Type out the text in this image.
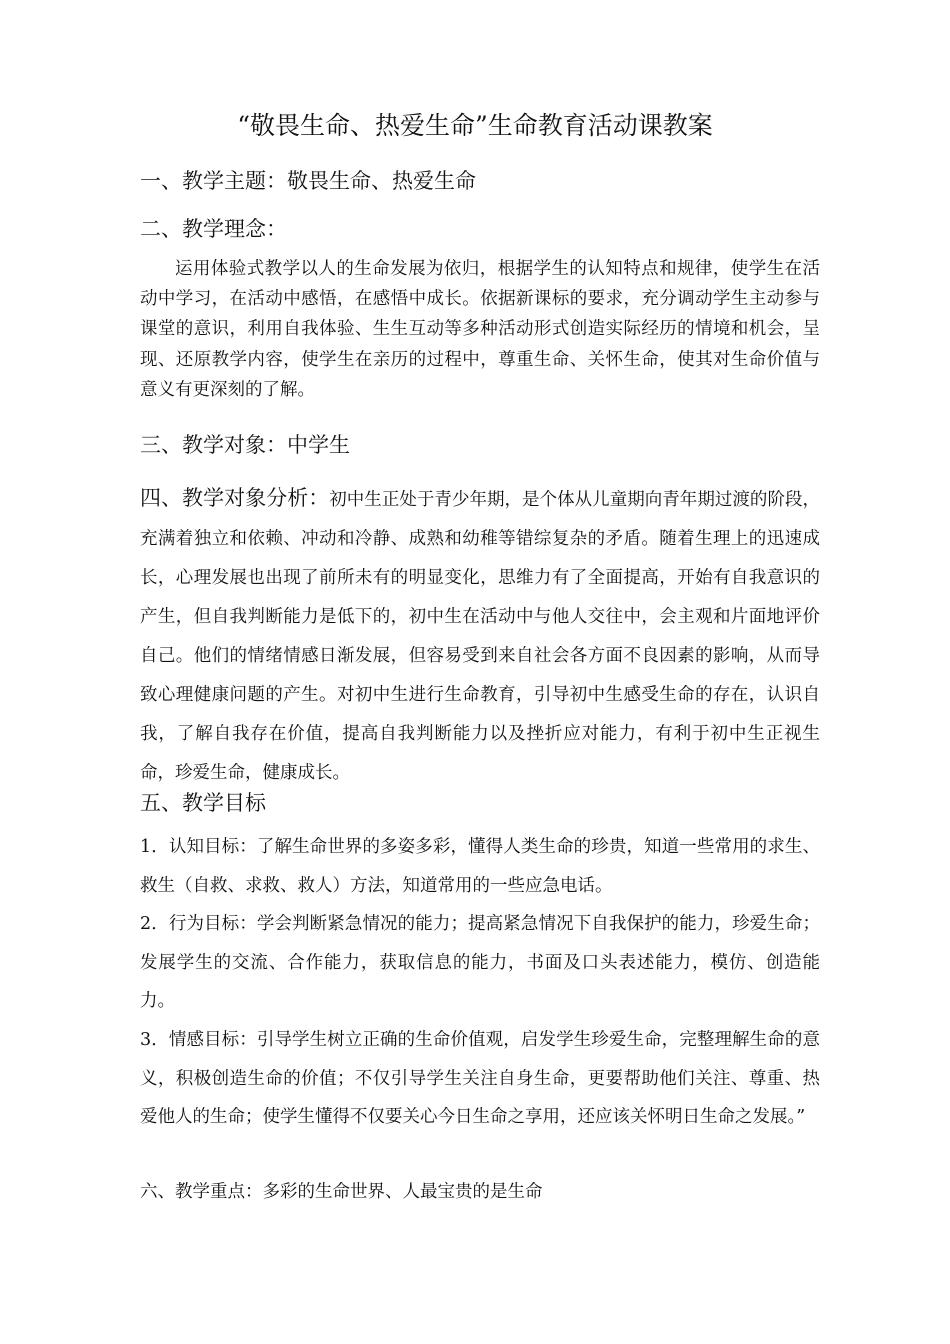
“敬畏生命、热爱生命”生命教育活动课教案
一、教学主题：敬畏生命、热爱生命
二、教学理念：
运用体验式教学以人的生命发展为依归，根据学生的认知特点和规律，使学生在活动中学习，在活动中感悟，在感悟中成长。依据新课标的要求，充分调动学生主动参与课堂的意识，利用自我体验、生生互动等多种活动形式创造实际经历的情境和机会，呈现、还原教学内容，使学生在亲历的过程中，尊重生命、关怀生命，使其对生命价值与意义有更深刻的了解。
三、教学对象：中学生
四、教学对象分析：初中生正处于青少年期，是个体从儿童期向青年期过渡的阶段，充满着独立和依赖、冲动和冷静、成熟和幼稚等错综复杂的矛盾。随着生理上的迅速成长，心理发展也出现了前所未有的明显变化，思维力有了全面提高，开始有自我意识的产生，但自我判断能力是低下的，初中生在活动中与他人交往中，会主观和片面地评价自己。他们的情绪情感日渐发展，但容易受到来自社会各方面不良因素的影响，从而导致心理健康问题的产生。对初中生进行生命教育，引导初中生感受生命的存在，认识自我，了解自我存在价值，提高自我判断能力以及挫折应对能力，有利于初中生正视生命，珍爱生命，健康成长。
五、教学目标
1．认知目标：了解生命世界的多姿多彩，懂得人类生命的珍贵，知道一些常用的求生、救生（自救、求救、救人）方法，知道常用的一些应急电话。
2．行为目标：学会判断紧急情况的能力；提高紧急情况下自我保护的能力，珍爱生命；发展学生的交流、合作能力，获取信息的能力，书面及口头表述能力，模仿、创造能力。
3．情感目标：引导学生树立正确的生命价值观，启发学生珍爱生命，完整理解生命的意义，积极创造生命的价值；不仅引导学生关注自身生命，更要帮助他们关注、尊重、热爱他人的生命；使学生懂得不仅要关心今日生命之享用，还应该关怀明日生命之发展。”
六、教学重点：多彩的生命世界、人最宝贵的是生命
